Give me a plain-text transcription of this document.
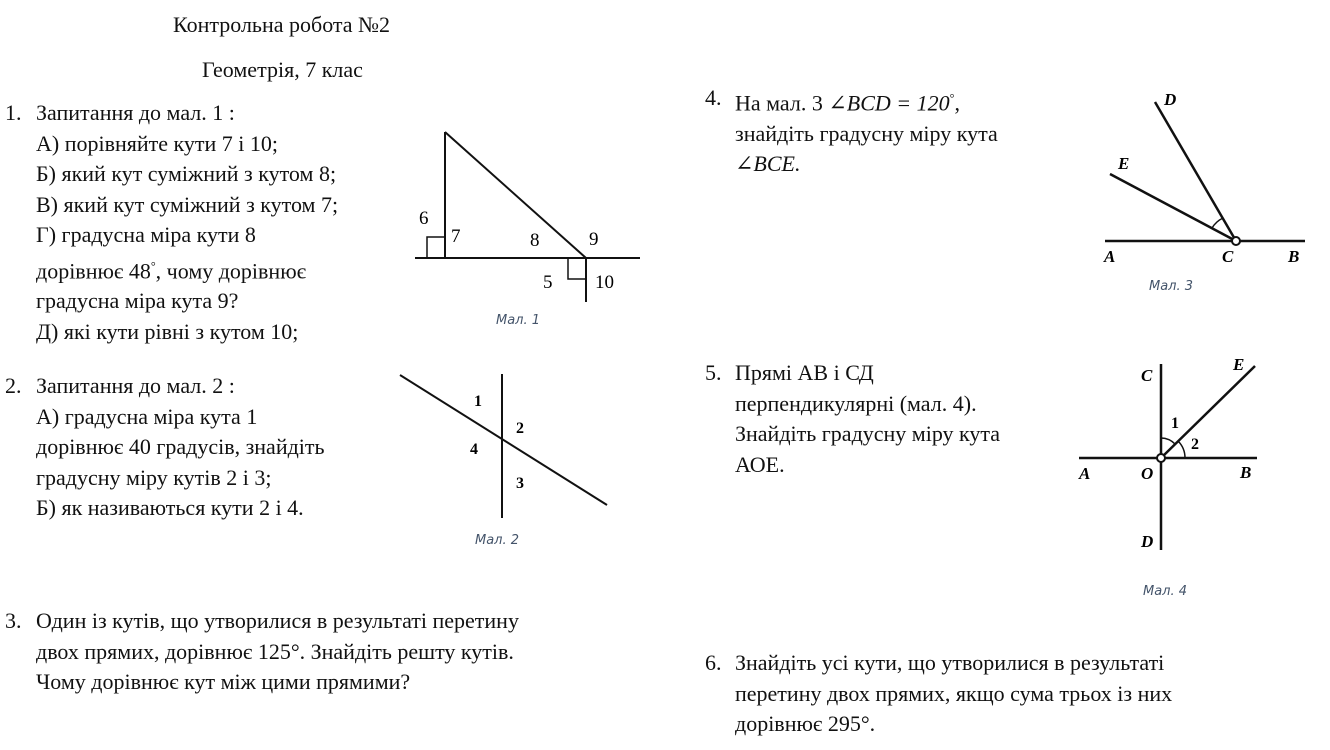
Контрольна робота №2
Геометрія, 7 клас
1. Запитання до мал. 1 :
А) порівняйте кути 7 і 10;
Б) який кут суміжний з кутом 8;
В) який кут суміжний з кутом 7;
Г) градусна міра кути 8
дорівнює 48°, чому дорівнює
градусна міра кута 9?
Д) які кути рівні з кутом 10;
6
7	8	9
5 10
Мал. 1
2. Запитання до мал. 2 :
А) градусна міра кута 1
дорівнює 40 градусів, знайдіть
градусну міру кутів 2 і 3;
Б) як називаються кути 2 і 4.
1
2
4
3
Мал. 2
3. Один із кутів, що утворилися в результаті перетину
двох прямих, дорівнює 125°. Знайдіть решту кутів.
Чому дорівнює кут між цими прямими?
4. На мал. 3 ∠BCD = 120°,
знайдіть градусну міру кута
∠BCE.
D
E
A	C	B
Мал. 3
5. Прямі АВ і СД
перпендикулярні (мал. 4).
Знайдіть градусну міру кута
АОЕ.
C
E
1
2
A	O	B
D
Мал. 4
6. Знайдіть усі кути, що утворилися в результаті
перетину двох прямих, якщо сума трьох із них
дорівнює 295°.
